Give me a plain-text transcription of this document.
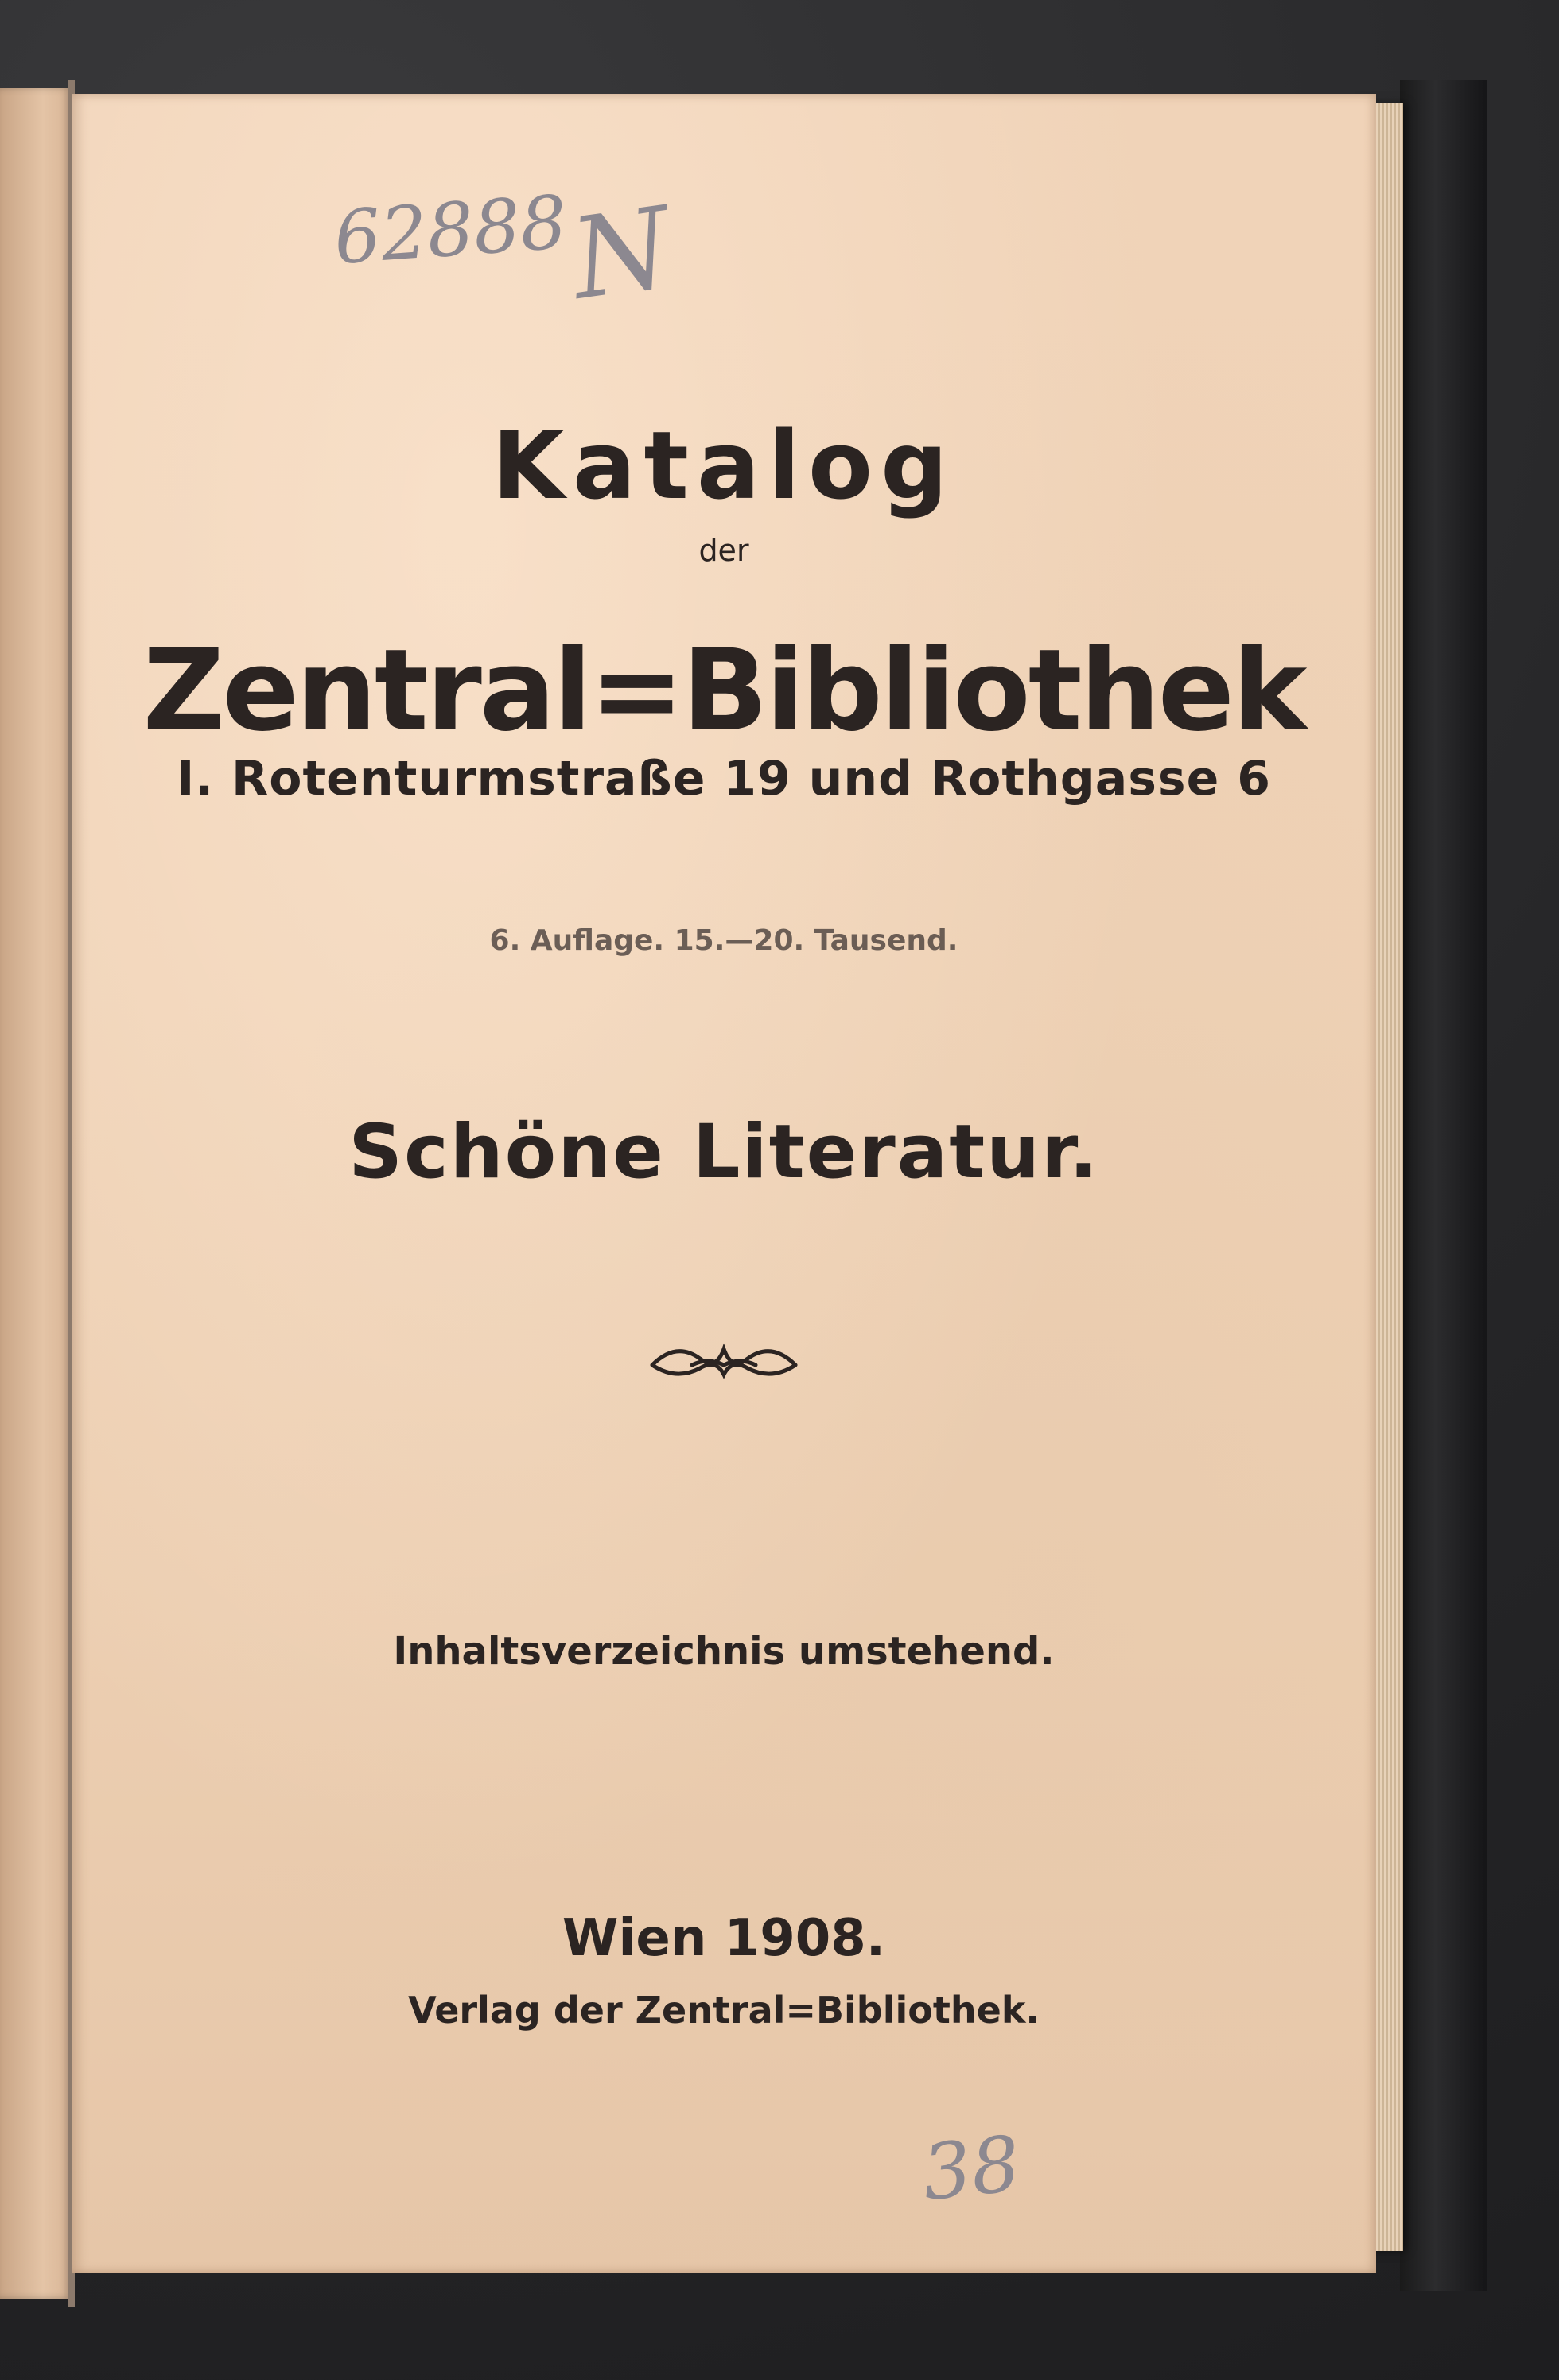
62888
N
Katalog
der
Zentral=Bibliothek
I. Rotenturmstraße 19 und Rothgasse 6
6. Auflage. 15.—20. Tausend.
Schöne Literatur.
Inhaltsverzeichnis umstehend.
Wien 1908.
Verlag der Zentral=Bibliothek.
38
